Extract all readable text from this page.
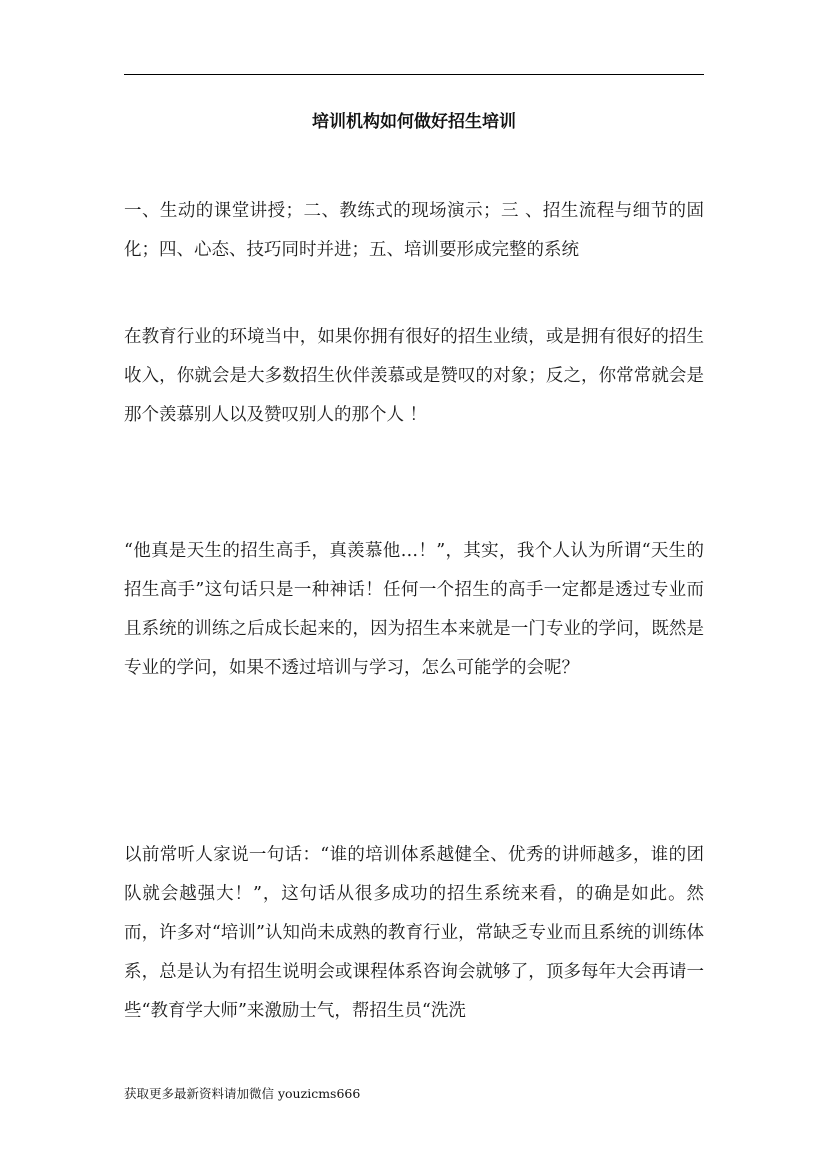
培训机构如何做好招生培训

一、生动的课堂讲授；二、教练式的现场演示；三 、招生流程与细节的固化；四、心态、技巧同时并进；五、培训要形成完整的系统

在教育行业的环境当中，如果你拥有很好的招生业绩，或是拥有很好的招生收入，你就会是大多数招生伙伴羡慕或是赞叹的对象；反之，你常常就会是那个羡慕别人以及赞叹别人的那个人 ！

“他真是天生的招生高手，真羡慕他…！”，其实，我个人认为所谓“天生的招生高手”这句话只是一种神话！任何一个招生的高手一定都是透过专业而且系统的训练之后成长起来的，因为招生本来就是一门专业的学问，既然是专业的学问，如果不透过培训与学习，怎么可能学的会呢？

以前常听人家说一句话：“谁的培训体系越健全、优秀的讲师越多，谁的团队就会越强大！”，这句话从很多成功的招生系统来看，的确是如此。然而，许多对“培训”认知尚未成熟的教育行业，常缺乏专业而且系统的训练体系，总是认为有招生说明会或课程体系咨询会就够了，顶多每年大会再请一些“教育学大师”来激励士气，帮招生员“洗洗

获取更多最新资料请加微信 youzicms666
